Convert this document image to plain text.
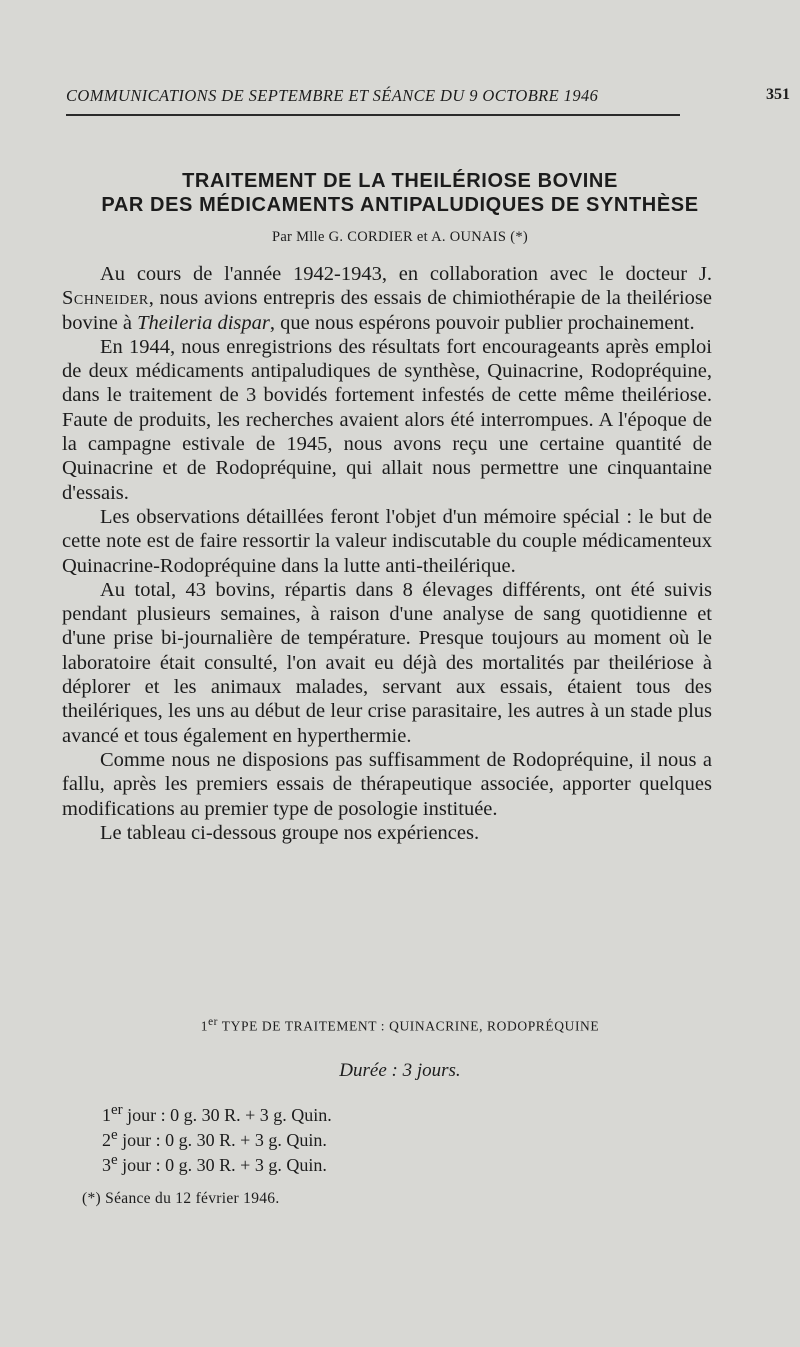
COMMUNICATIONS DE SEPTEMBRE ET SÉANCE DU 9 OCTOBRE 1946	351
TRAITEMENT DE LA THEILÉRIOSE BOVINE
PAR DES MÉDICAMENTS ANTIPALUDIQUES DE SYNTHÈSE
Par Mlle G. CORDIER et A. OUNAIS (*)

Au cours de l'année 1942-1943, en collaboration avec le docteur J. Schneider, nous avions entrepris des essais de chimiothérapie de la theilériose bovine à Theileria dispar, que nous espérons pouvoir publier prochainement.

En 1944, nous enregistrions des résultats fort encourageants après emploi de deux médicaments antipaludiques de synthèse, Quinacrine, Rodopréquine, dans le traitement de 3 bovidés fortement infestés de cette même theilériose. Faute de produits, les recherches avaient alors été interrompues. A l'époque de la campagne estivale de 1945, nous avons reçu une certaine quantité de Quinacrine et de Rodopréquine, qui allait nous permettre une cinquantaine d'essais.

Les observations détaillées feront l'objet d'un mémoire spécial : le but de cette note est de faire ressortir la valeur indiscutable du couple médicamenteux Quinacrine-Rodopréquine dans la lutte anti-theilérique.

Au total, 43 bovins, répartis dans 8 élevages différents, ont été suivis pendant plusieurs semaines, à raison d'une analyse de sang quotidienne et d'une prise bi-journalière de température. Presque toujours au moment où le laboratoire était consulté, l'on avait eu déjà des mortalités par theilériose à déplorer et les animaux malades, servant aux essais, étaient tous des theilériques, les uns au début de leur crise parasitaire, les autres à un stade plus avancé et tous également en hyperthermie.

Comme nous ne disposions pas suffisamment de Rodopréquine, il nous a fallu, après les premiers essais de thérapeutique associée, apporter quelques modifications au premier type de posologie instituée.

Le tableau ci-dessous groupe nos expériences.

1er TYPE DE TRAITEMENT : QUINACRINE, RODOPRÉQUINE
Durée : 3 jours.
1er jour : 0 g. 30 R. + 3 g. Quin.
2e jour : 0 g. 30 R. + 3 g. Quin.
3e jour : 0 g. 30 R. + 3 g. Quin.
(*) Séance du 12 février 1946.
